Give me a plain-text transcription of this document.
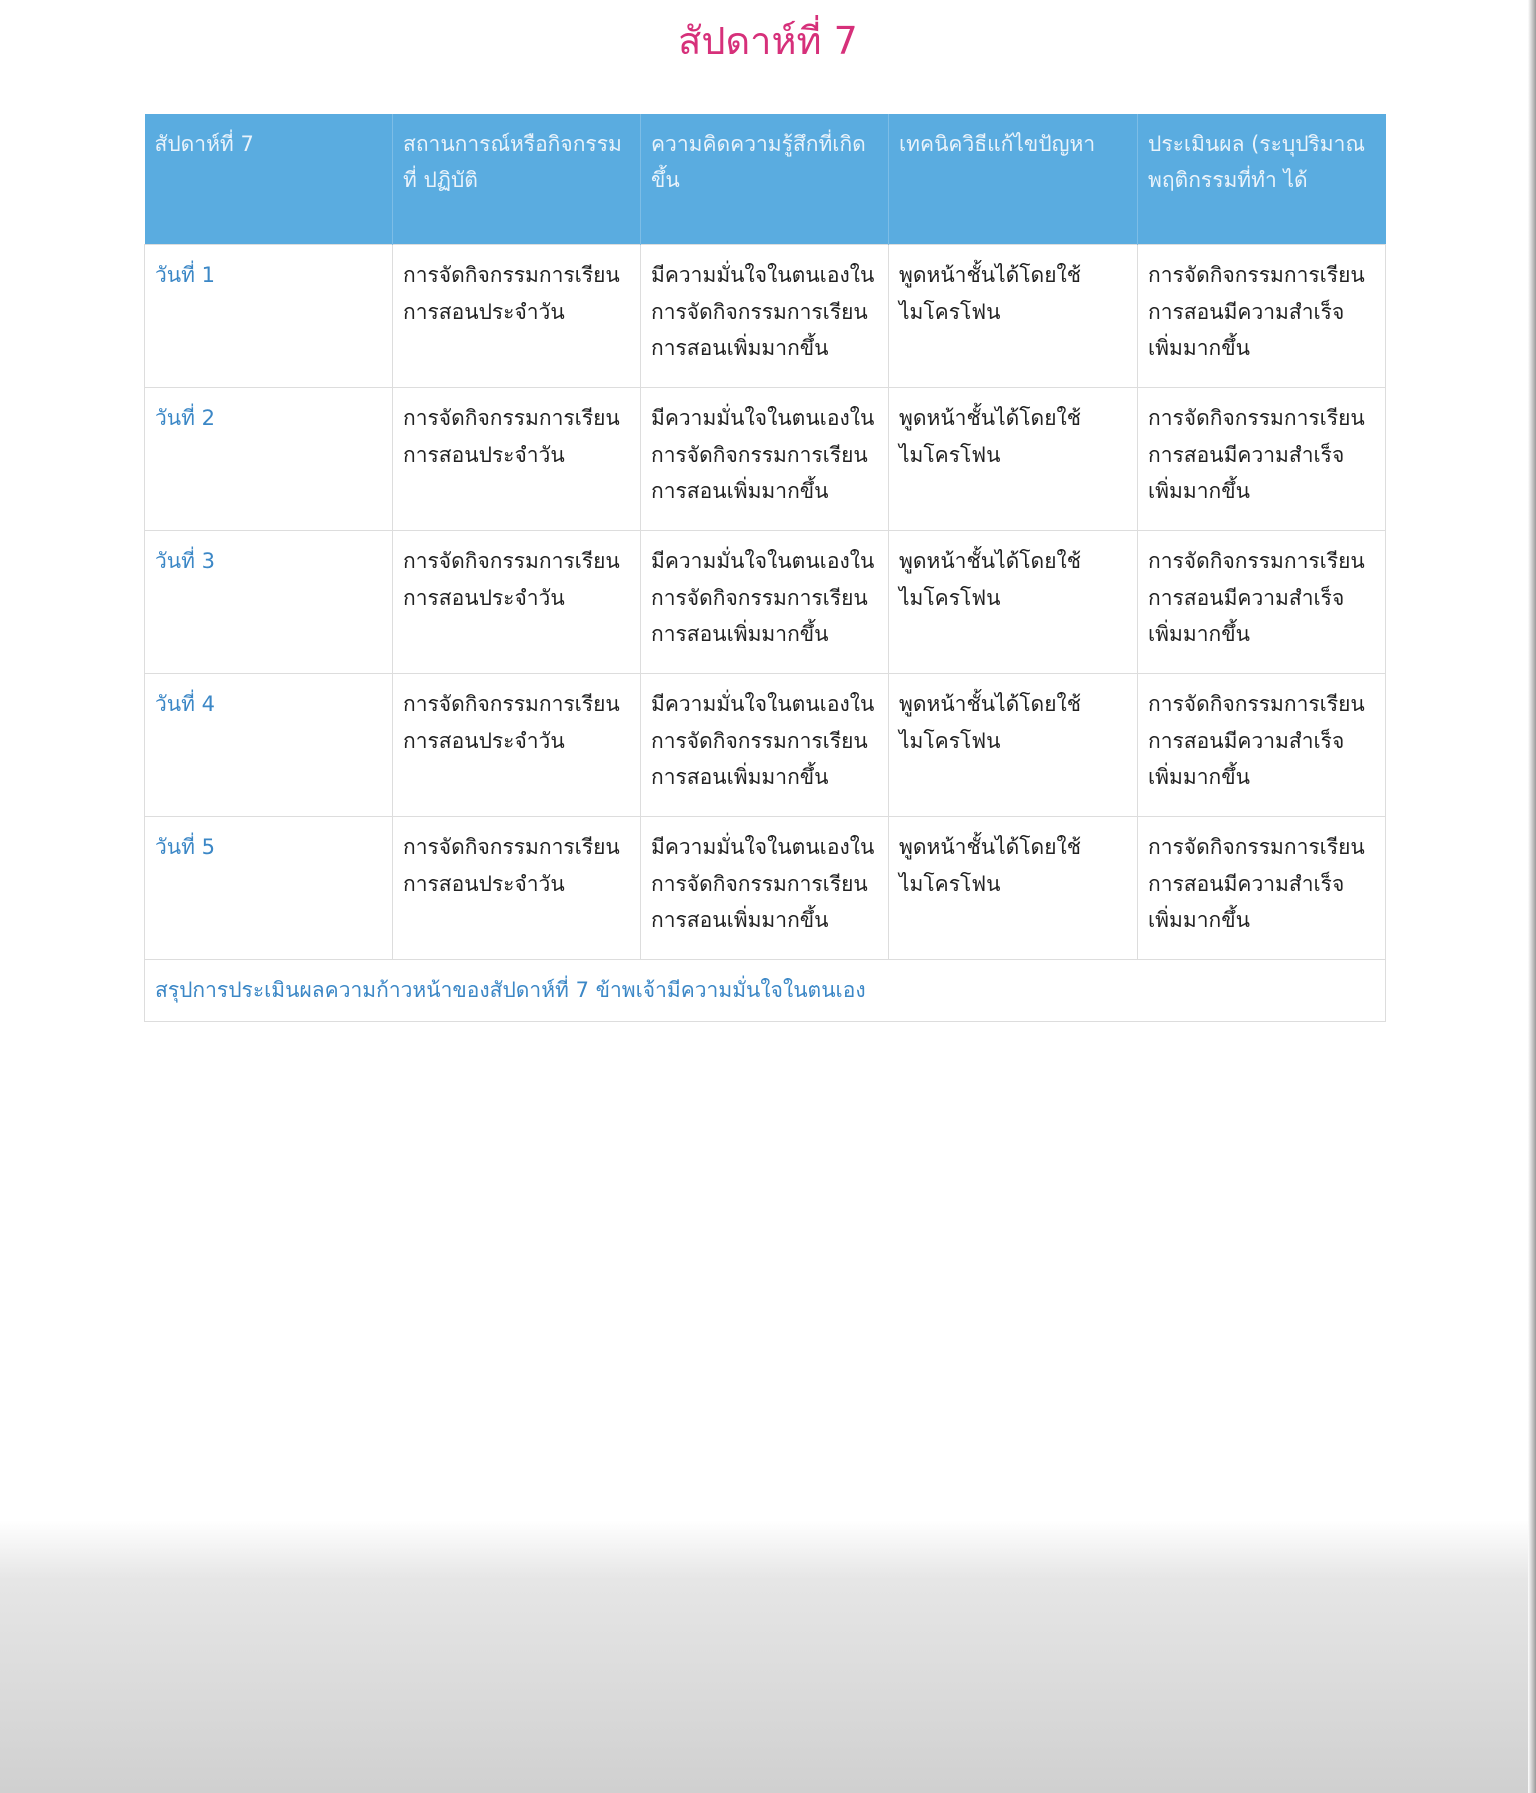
สัปดาห์ที่ 7
สัปดาห์ที่ 7	สถานการณ์หรือกิจกรรมที่ ปฏิบัติ	ความคิดความรู้สึกที่เกิดขึ้น	เทคนิควิธีแก้ไขปัญหา	ประเมินผล (ระบุปริมาณ พฤติกรรมที่ทำ ได้
วันที่ 1	การจัดกิจกรรมการเรียนการสอนประจำวัน	มีความมั่นใจในตนเองในการจัดกิจกรรมการเรียนการสอนเพิ่มมากขึ้น	พูดหน้าชั้นได้โดยใช้ไมโครโฟน	การจัดกิจกรรมการเรียนการสอนมีความสำเร็จเพิ่มมากขึ้น
วันที่ 2	การจัดกิจกรรมการเรียนการสอนประจำวัน	มีความมั่นใจในตนเองในการจัดกิจกรรมการเรียนการสอนเพิ่มมากขึ้น	พูดหน้าชั้นได้โดยใช้ไมโครโฟน	การจัดกิจกรรมการเรียนการสอนมีความสำเร็จเพิ่มมากขึ้น
วันที่ 3	การจัดกิจกรรมการเรียนการสอนประจำวัน	มีความมั่นใจในตนเองในการจัดกิจกรรมการเรียนการสอนเพิ่มมากขึ้น	พูดหน้าชั้นได้โดยใช้ไมโครโฟน	การจัดกิจกรรมการเรียนการสอนมีความสำเร็จเพิ่มมากขึ้น
วันที่ 4	การจัดกิจกรรมการเรียนการสอนประจำวัน	มีความมั่นใจในตนเองในการจัดกิจกรรมการเรียนการสอนเพิ่มมากขึ้น	พูดหน้าชั้นได้โดยใช้ไมโครโฟน	การจัดกิจกรรมการเรียนการสอนมีความสำเร็จเพิ่มมากขึ้น
วันที่ 5	การจัดกิจกรรมการเรียนการสอนประจำวัน	มีความมั่นใจในตนเองในการจัดกิจกรรมการเรียนการสอนเพิ่มมากขึ้น	พูดหน้าชั้นได้โดยใช้ไมโครโฟน	การจัดกิจกรรมการเรียนการสอนมีความสำเร็จเพิ่มมากขึ้น
สรุปการประเมินผลความก้าวหน้าของสัปดาห์ที่ 7 ข้าพเจ้ามีความมั่นใจในตนเอง				
